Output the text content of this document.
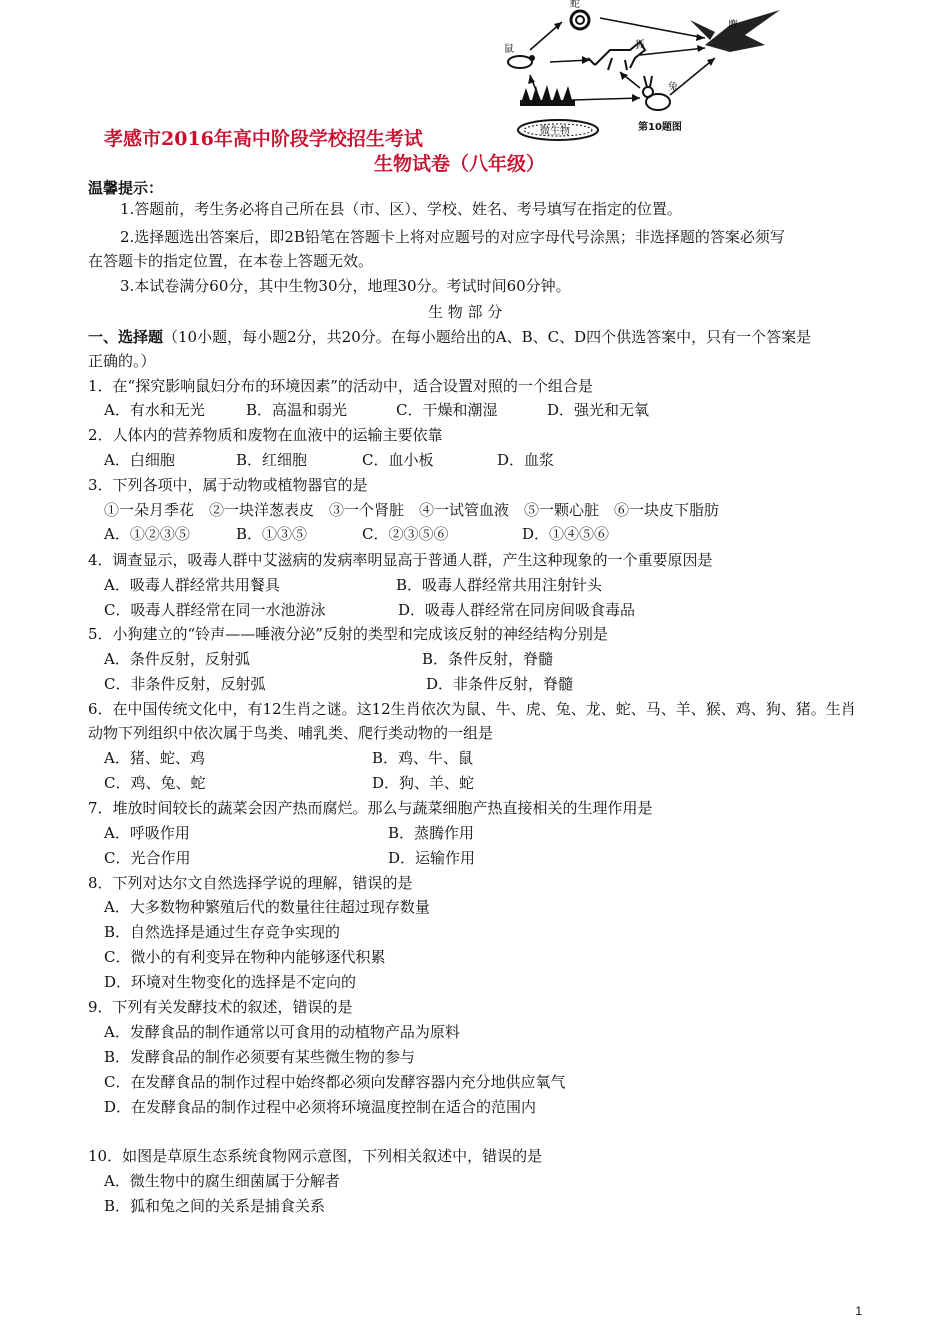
蛇
鹰
鼠	狐
兔
微生物	第10题图
孝感市2016年高中阶段学校招生考试
生物试卷（八年级）
温馨提示：
1.答题前，考生务必将自己所在县（市、区）、学校、姓名、考号填写在指定的位置。
2.选择题选出答案后，即2B铅笔在答题卡上将对应题号的对应字母代号涂黑；非选择题的答案必须写
在答题卡的指定位置，在本卷上答题无效。
3.本试卷满分60分，其中生物30分，地理30分。考试时间60分钟。
生 物 部 分
一、选择题（10小题，每小题2分，共20分。在每小题给出的A、B、C、D四个供选答案中，只有一个答案是
正确的。）
1．在“探究影响鼠妇分布的环境因素”的活动中，适合设置对照的一个组合是
A．有水和无光	B．高温和弱光	C．干燥和潮湿	D．强光和无氧
2．人体内的营养物质和废物在血液中的运输主要依靠
A．白细胞	B．红细胞	C．血小板	D．血浆
3．下列各项中，属于动物或植物器官的是
①一朵月季花　②一块洋葱表皮　③一个肾脏　④一试管血液　⑤一颗心脏　⑥一块皮下脂肪
A．①②③⑤	B．①③⑤	C．②③⑤⑥	D．①④⑤⑥
4．调查显示，吸毒人群中艾滋病的发病率明显高于普通人群，产生这种现象的一个重要原因是
A．吸毒人群经常共用餐具	B．吸毒人群经常共用注射针头
C．吸毒人群经常在同一水池游泳	D．吸毒人群经常在同房间吸食毒品
5．小狗建立的“铃声——唾液分泌”反射的类型和完成该反射的神经结构分别是
A．条件反射，反射弧	B．条件反射，脊髓
C．非条件反射，反射弧	D．非条件反射，脊髓
6．在中国传统文化中，有12生肖之谜。这12生肖依次为鼠、牛、虎、兔、龙、蛇、马、羊、猴、鸡、狗、猪。生肖
动物下列组织中依次属于鸟类、哺乳类、爬行类动物的一组是
A．猪、蛇、鸡	B．鸡、牛、鼠
C．鸡、兔、蛇	D．狗、羊、蛇
7．堆放时间较长的蔬菜会因产热而腐烂。那么与蔬菜细胞产热直接相关的生理作用是
A．呼吸作用	B．蒸腾作用
C．光合作用	D．运输作用
8．下列对达尔文自然选择学说的理解，错误的是
A．大多数物种繁殖后代的数量往往超过现存数量
B．自然选择是通过生存竞争实现的
C．微小的有利变异在物种内能够逐代积累
D．环境对生物变化的选择是不定向的
9．下列有关发酵技术的叙述，错误的是
A．发酵食品的制作通常以可食用的动植物产品为原料
B．发酵食品的制作必须要有某些微生物的参与
C．在发酵食品的制作过程中始终都必须向发酵容器内充分地供应氧气
D．在发酵食品的制作过程中必须将环境温度控制在适合的范围内
10．如图是草原生态系统食物网示意图，下列相关叙述中，错误的是
A．微生物中的腐生细菌属于分解者
B．狐和兔之间的关系是捕食关系
1
